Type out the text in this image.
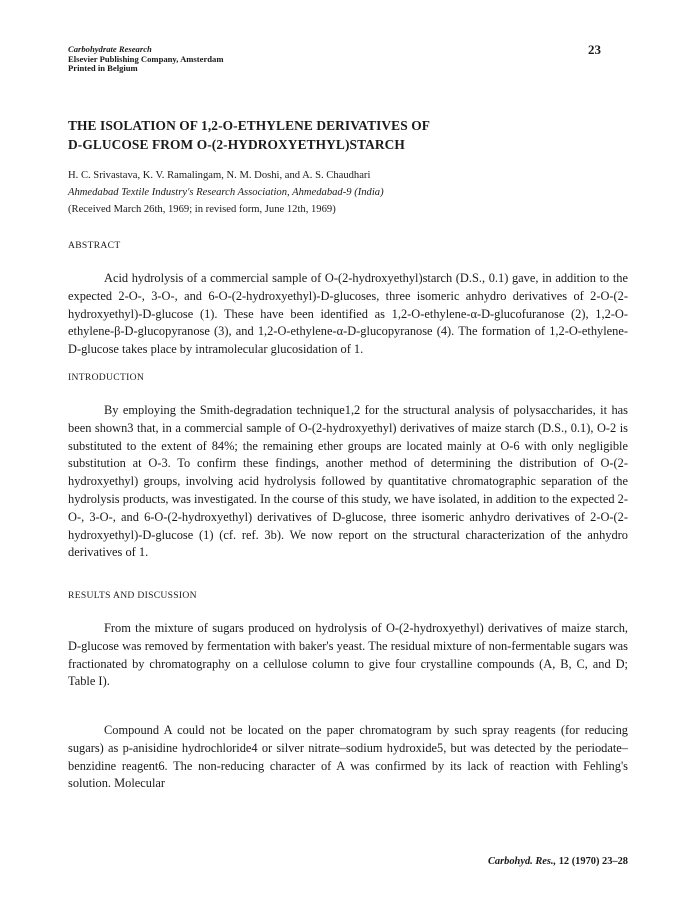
Carbohydrate Research
Elsevier Publishing Company, Amsterdam
Printed in Belgium
23
THE ISOLATION OF 1,2-O-ETHYLENE DERIVATIVES OF
D-GLUCOSE FROM O-(2-HYDROXYETHYL)STARCH
H. C. Srivastava, K. V. Ramalingam, N. M. Doshi, and A. S. Chaudhari
Ahmedabad Textile Industry's Research Association, Ahmedabad-9 (India)
(Received March 26th, 1969; in revised form, June 12th, 1969)
ABSTRACT

Acid hydrolysis of a commercial sample of O-(2-hydroxyethyl)starch (D.S., 0.1) gave, in addition to the expected 2-O-, 3-O-, and 6-O-(2-hydroxyethyl)-D-glucoses, three isomeric anhydro derivatives of 2-O-(2-hydroxyethyl)-D-glucose (1). These have been identified as 1,2-O-ethylene-α-D-glucofuranose (2), 1,2-O-ethylene-β-D-glucopyranose (3), and 1,2-O-ethylene-α-D-glucopyranose (4). The formation of 1,2-O-ethylene-D-glucose takes place by intramolecular glucosidation of 1.

INTRODUCTION

By employing the Smith-degradation technique1,2 for the structural analysis of polysaccharides, it has been shown3 that, in a commercial sample of O-(2-hydroxyethyl) derivatives of maize starch (D.S., 0.1), O-2 is substituted to the extent of 84%; the remaining ether groups are located mainly at O-6 with only negligible substitution at O-3. To confirm these findings, another method of determining the distribution of O-(2-hydroxyethyl) groups, involving acid hydrolysis followed by quantitative chromatographic separation of the hydrolysis products, was investigated. In the course of this study, we have isolated, in addition to the expected 2-O-, 3-O-, and 6-O-(2-hydroxyethyl) derivatives of D-glucose, three isomeric anhydro derivatives of 2-O-(2-hydroxyethyl)-D-glucose (1) (cf. ref. 3b). We now report on the structural characterization of the anhydro derivatives of 1.

RESULTS AND DISCUSSION

From the mixture of sugars produced on hydrolysis of O-(2-hydroxyethyl) derivatives of maize starch, D-glucose was removed by fermentation with baker's yeast. The residual mixture of non-fermentable sugars was fractionated by chromatography on a cellulose column to give four crystalline compounds (A, B, C, and D; Table I).

Compound A could not be located on the paper chromatogram by such spray reagents (for reducing sugars) as p-anisidine hydrochloride4 or silver nitrate–sodium hydroxide5, but was detected by the periodate–benzidine reagent6. The non-reducing character of A was confirmed by its lack of reaction with Fehling's solution. Molecular

Carbohyd. Res., 12 (1970) 23–28
